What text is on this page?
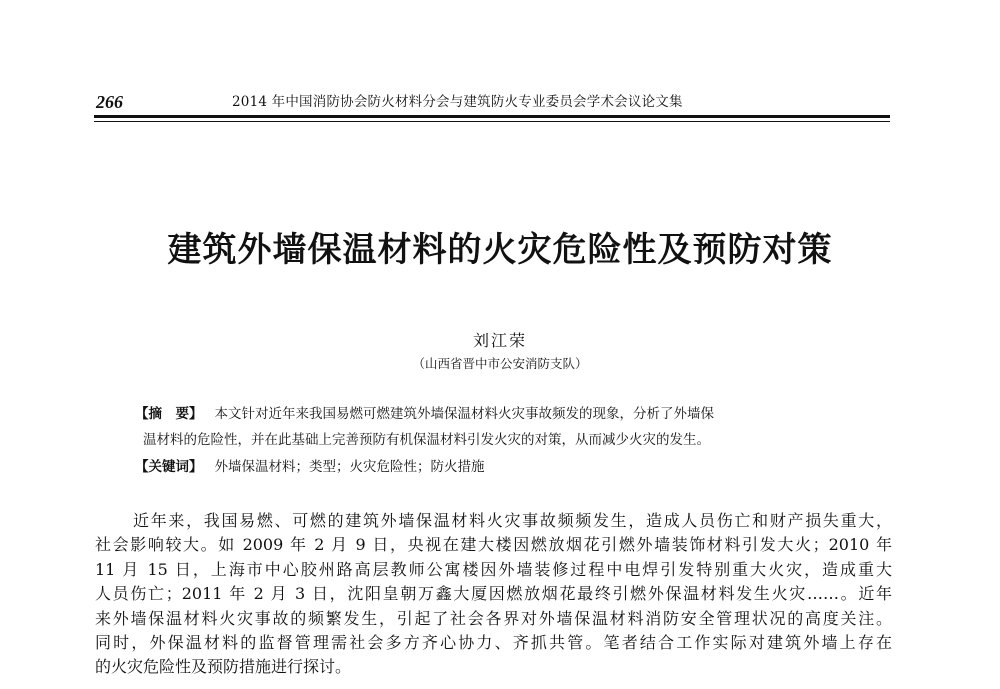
266	2014 年中国消防协会防火材料分会与建筑防火专业委员会学术会议论文集
建筑外墙保温材料的火灾危险性及预防对策
刘江荣
（山西省晋中市公安消防支队）
【摘　要】 本文针对近年来我国易燃可燃建筑外墙保温材料火灾事故频发的现象，分析了外墙保
温材料的危险性，并在此基础上完善预防有机保温材料引发火灾的对策，从而减少火灾的发生。
【关键词】 外墙保温材料；类型；火灾危险性；防火措施
近年来，我国易燃、可燃的建筑外墙保温材料火灾事故频频发生，造成人员伤亡和财产损失重大，
社会影响较大。如 2009 年 2 月 9 日，央视在建大楼因燃放烟花引燃外墙装饰材料引发大火；2010 年
11 月 15 日，上海市中心胶州路高层教师公寓楼因外墙装修过程中电焊引发特别重大火灾，造成重大
人员伤亡；2011 年 2 月 3 日，沈阳皇朝万鑫大厦因燃放烟花最终引燃外保温材料发生火灾……。近年
来外墙保温材料火灾事故的频繁发生，引起了社会各界对外墙保温材料消防安全管理状况的高度关注。
同时，外保温材料的监督管理需社会多方齐心协力、齐抓共管。笔者结合工作实际对建筑外墙上存在
的火灾危险性及预防措施进行探讨。
